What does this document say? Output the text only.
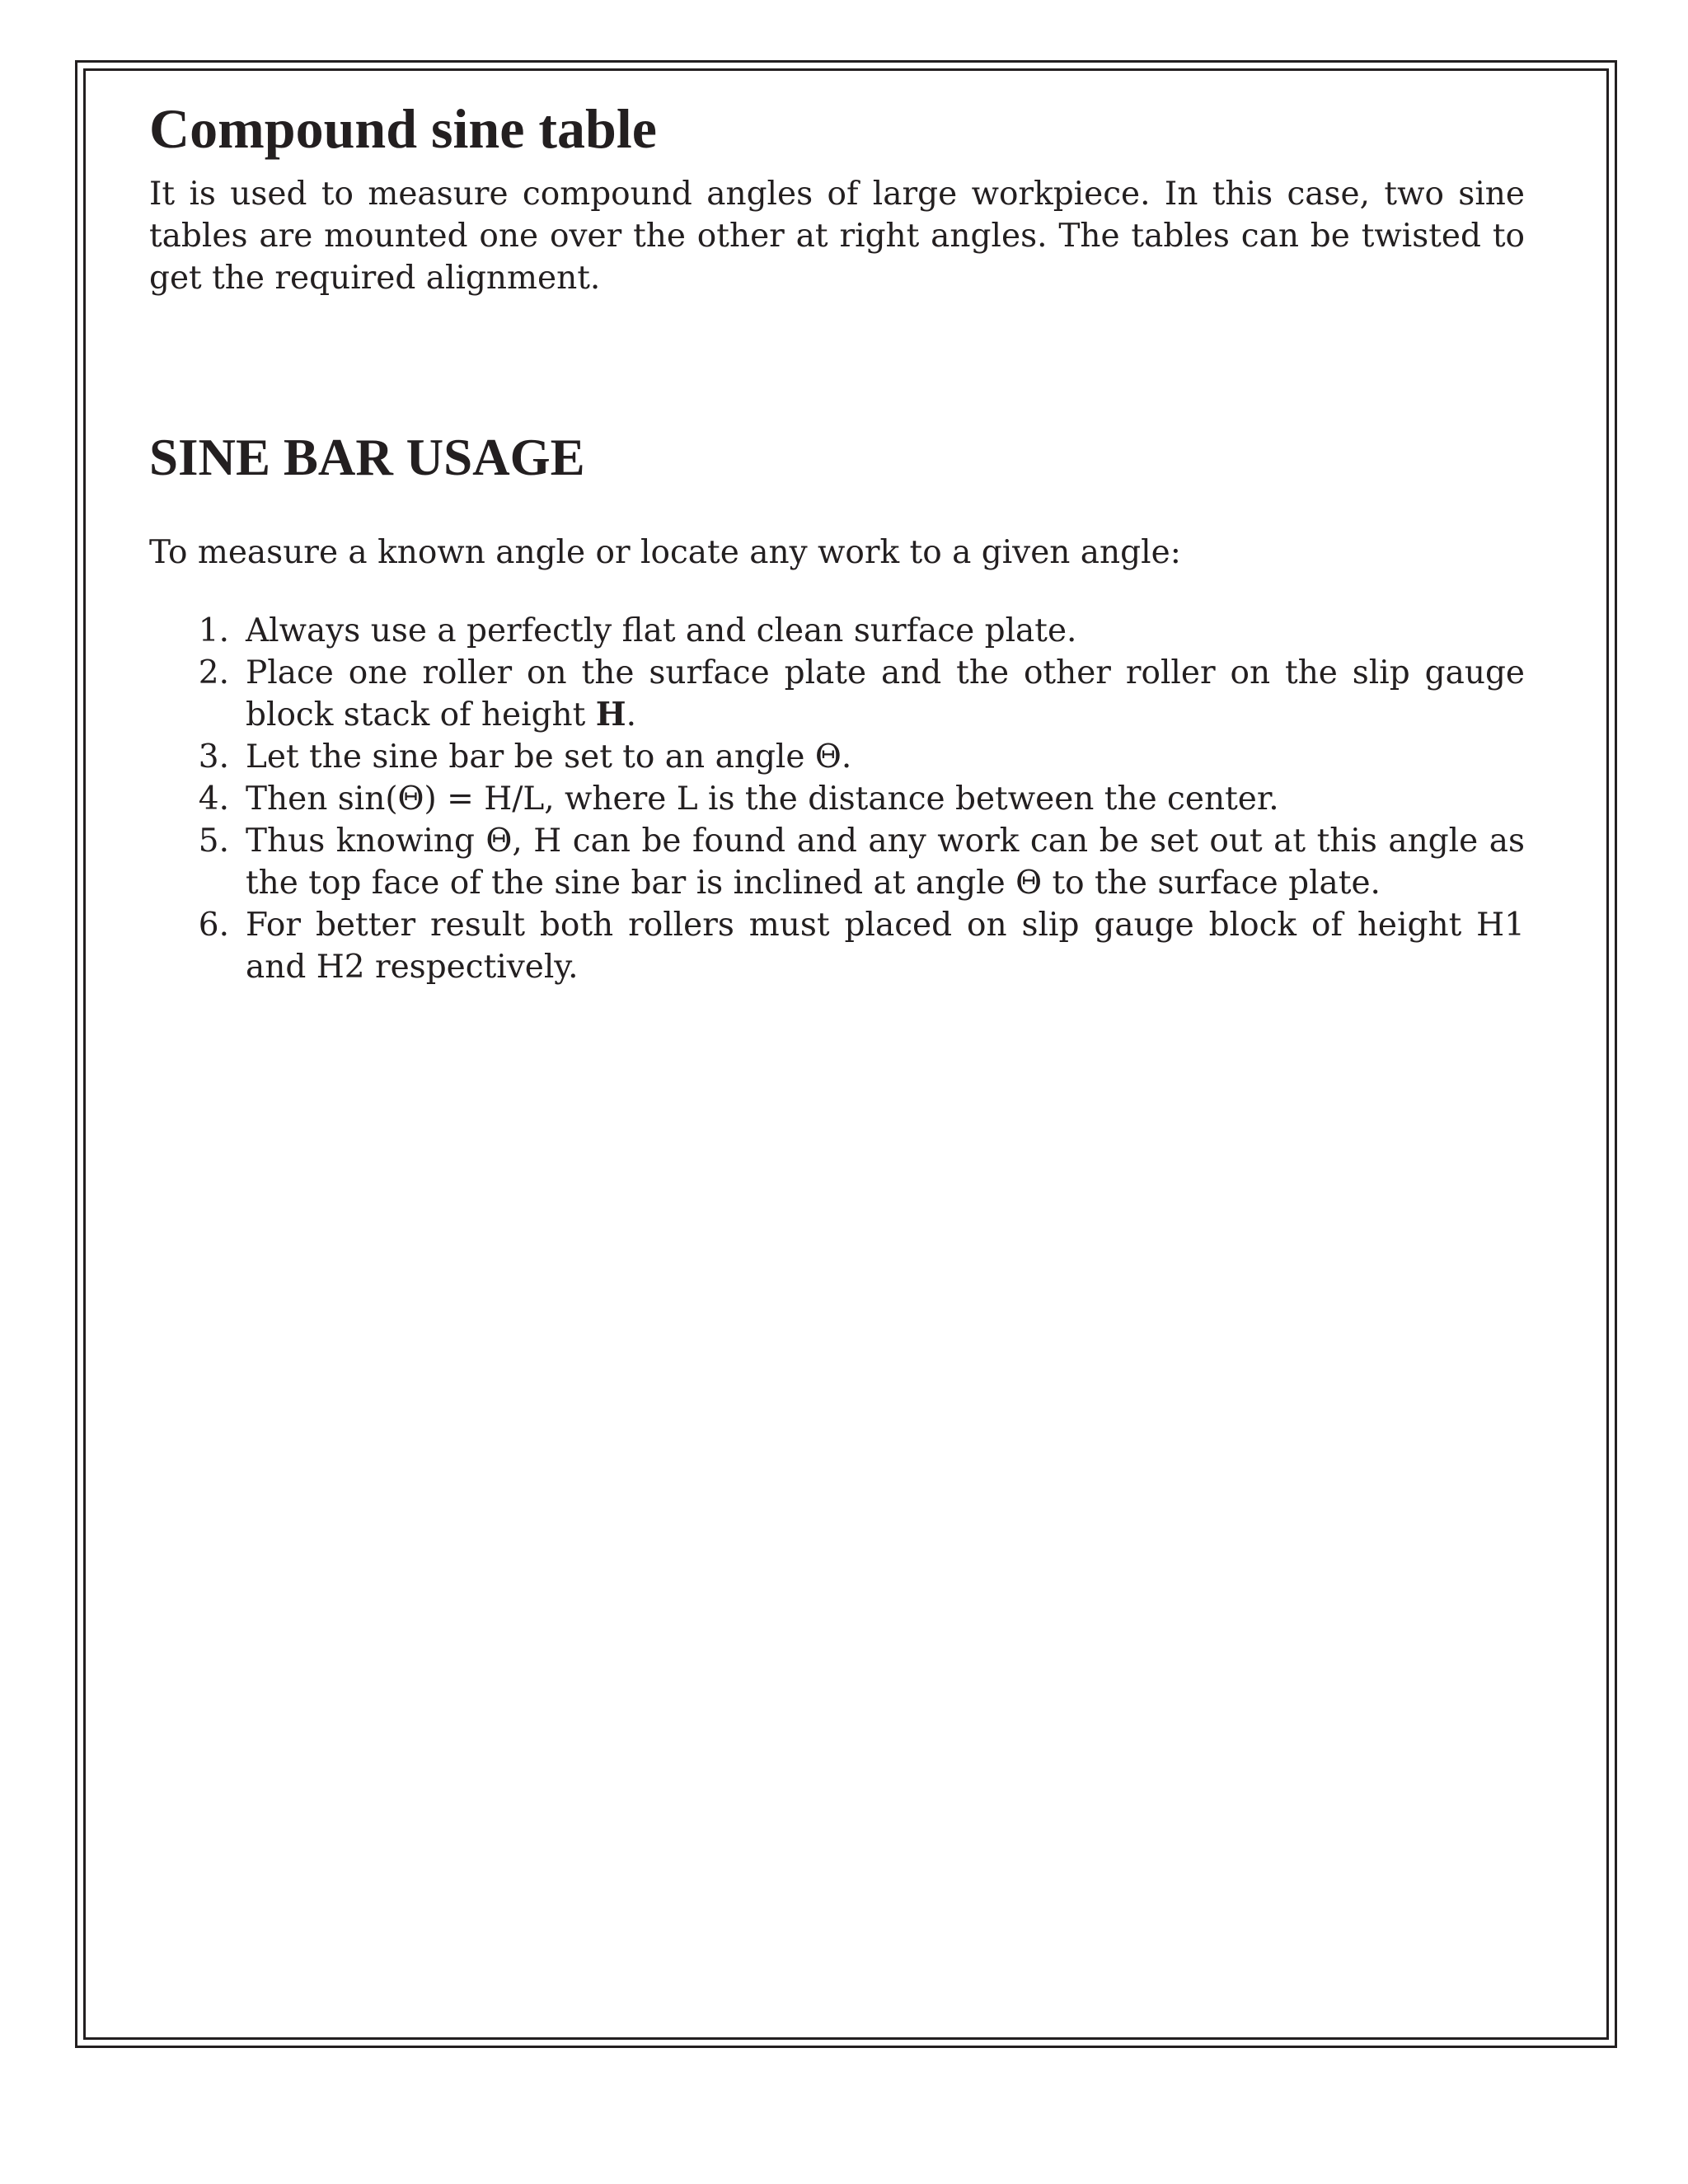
Compound sine table

It is used to measure compound angles of large workpiece. In this case, two sine tables are mounted one over the other at right angles. The tables can be twisted to get the required alignment.

SINE BAR USAGE

To measure a known angle or locate any work to a given angle:

1. Always use a perfectly flat and clean surface plate.
2. Place one roller on the surface plate and the other roller on the slip gauge block stack of height H.
3. Let the sine bar be set to an angle Θ.
4. Then sin(Θ) = H/L, where L is the distance between the center.
5. Thus knowing Θ, H can be found and any work can be set out at this angle as the top face of the sine bar is inclined at angle Θ to the surface plate.
6. For better result both rollers must placed on slip gauge block of height H1 and H2 respectively.
